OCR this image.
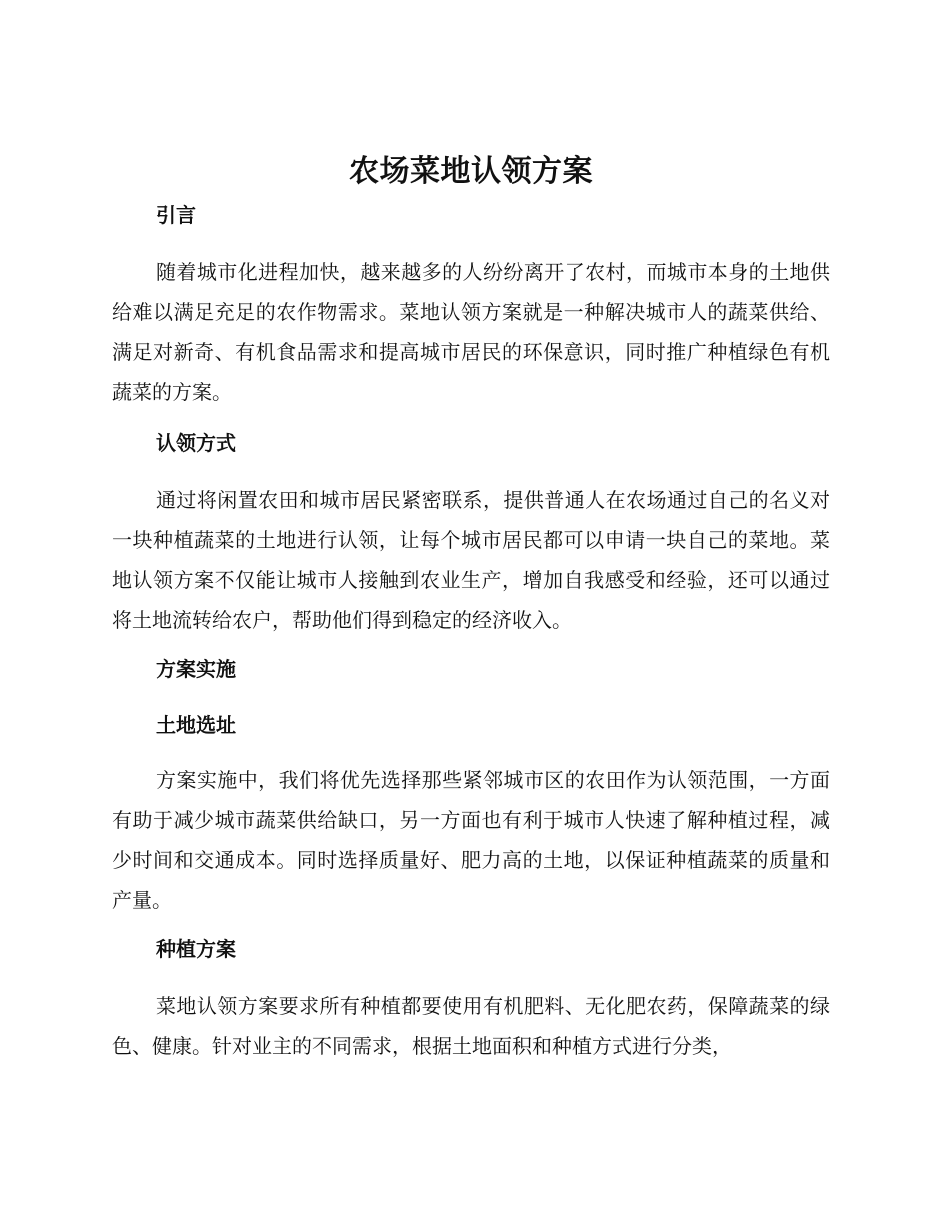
农场菜地认领方案
引言

随着城市化进程加快，越来越多的人纷纷离开了农村，而城市本身的土地供给难以满足充足的农作物需求。菜地认领方案就是一种解决城市人的蔬菜供给、满足对新奇、有机食品需求和提高城市居民的环保意识，同时推广种植绿色有机蔬菜的方案。

认领方式

通过将闲置农田和城市居民紧密联系，提供普通人在农场通过自己的名义对一块种植蔬菜的土地进行认领，让每个城市居民都可以申请一块自己的菜地。菜地认领方案不仅能让城市人接触到农业生产，增加自我感受和经验，还可以通过将土地流转给农户，帮助他们得到稳定的经济收入。

方案实施
土地选址

方案实施中，我们将优先选择那些紧邻城市区的农田作为认领范围，一方面有助于减少城市蔬菜供给缺口，另一方面也有利于城市人快速了解种植过程，减少时间和交通成本。同时选择质量好、肥力高的土地，以保证种植蔬菜的质量和产量。

种植方案

菜地认领方案要求所有种植都要使用有机肥料、无化肥农药，保障蔬菜的绿色、健康。针对业主的不同需求，根据土地面积和种植方式进行分类，
